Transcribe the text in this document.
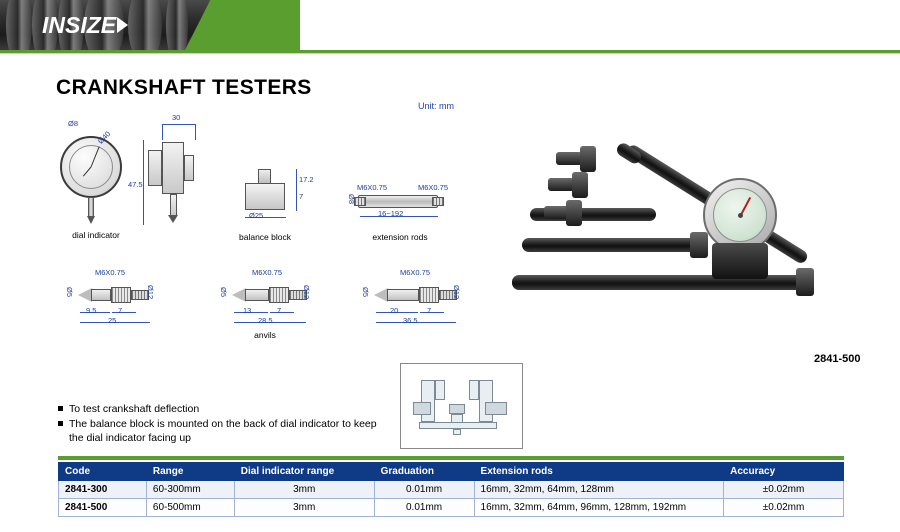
INSIZE
CRANKSHAFT TESTERS
Unit: mm
30
Ø8
Ø40
47.5
dial indicator
17.2
7
Ø25
balance block
M6X0.75	M6X0.75
Ø8
16~192
extension rods
M6X0.75
Ø5	Ø12
9.5	7
25
M6X0.75
Ø5	Ø12
13	7
28.5
M6X0.75
Ø5	Ø12
20	7
36.5
anvils
2841-500
To test crankshaft deflection
The balance block is mounted on the back of dial indicator to keep the dial indicator facing up
Code	Range	Dial indicator range	Graduation	Extension rods	Accuracy
2841-300	60-300mm	3mm	0.01mm	16mm, 32mm, 64mm, 128mm	±0.02mm
2841-500	60-500mm	3mm	0.01mm	16mm, 32mm, 64mm, 96mm, 128mm, 192mm	±0.02mm
